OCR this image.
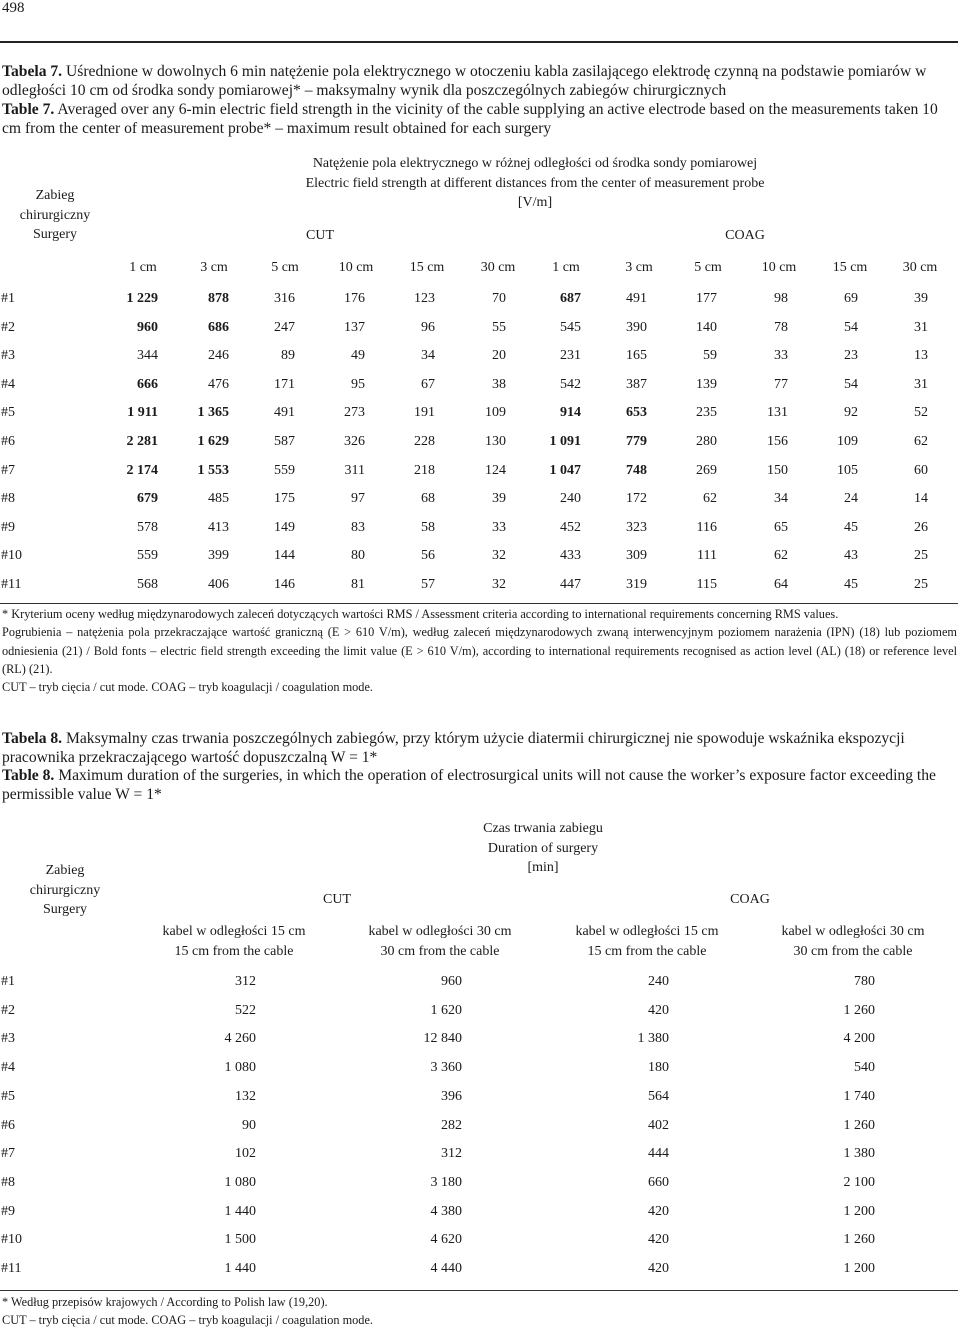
498
Tabela 7. Uśrednione w dowolnych 6 min natężenie pola elektrycznego w otoczeniu kabla zasilającego elektrodę czynną na podstawie pomiarów w odległości 10 cm od środka sondy pomiarowej* – maksymalny wynik dla poszczególnych zabiegów chirurgicznych
Table 7. Averaged over any 6-min electric field strength in the vicinity of the cable supplying an active electrode based on the measurements taken 10 cm from the center of measurement probe* – maximum result obtained for each surgery
Zabieg
chirurgiczny
Surgery
Natężenie pola elektrycznego w różnej odległości od środka sondy pomiarowej
Electric field strength at different distances from the center of measurement probe
[V/m]
CUT	COAG
1 cm	3 cm	5 cm	10 cm	15 cm	30 cm	1 cm	3 cm	5 cm	10 cm	15 cm	30 cm
#1	1 229	878	316	176	123	70	687	491	177	98	69	39
#2	960	686	247	137	96	55	545	390	140	78	54	31
#3	344	246	89	49	34	20	231	165	59	33	23	13
#4	666	476	171	95	67	38	542	387	139	77	54	31
#5	1 911	1 365	491	273	191	109	914	653	235	131	92	52
#6	2 281	1 629	587	326	228	130	1 091	779	280	156	109	62
#7	2 174	1 553	559	311	218	124	1 047	748	269	150	105	60
#8	679	485	175	97	68	39	240	172	62	34	24	14
#9	578	413	149	83	58	33	452	323	116	65	45	26
#10	559	399	144	80	56	32	433	309	111	62	43	25
#11	568	406	146	81	57	32	447	319	115	64	45	25
* Kryterium oceny według międzynarodowych zaleceń dotyczących wartości RMS / Assessment criteria according to international requirements concerning RMS values.
Pogrubienia – natężenia pola przekraczające wartość graniczną (E > 610 V/m), według zaleceń międzynarodowych zwaną interwencyjnym poziomem narażenia (IPN) (18) lub poziomem odniesienia (21) / Bold fonts – electric field strength exceeding the limit value (E > 610 V/m), according to international requirements recognised as action level (AL) (18) or reference level (RL) (21).
CUT – tryb cięcia / cut mode. COAG – tryb koagulacji / coagulation mode.
Tabela 8. Maksymalny czas trwania poszczególnych zabiegów, przy którym użycie diatermii chirurgicznej nie spowoduje wskaźnika ekspozycji pracownika przekraczającego wartość dopuszczalną W = 1*
Table 8. Maximum duration of the surgeries, in which the operation of electrosurgical units will not cause the worker’s exposure factor exceeding the permissible value W = 1*
Zabieg
chirurgiczny
Surgery
Czas trwania zabiegu
Duration of surgery
[min]
CUT	COAG
kabel w odległości 15 cm
15 cm from the cable
kabel w odległości 30 cm
30 cm from the cable
kabel w odległości 15 cm
15 cm from the cable
kabel w odległości 30 cm
30 cm from the cable
#1	312	960	240	780
#2	522	1 620	420	1 260
#3	4 260	12 840	1 380	4 200
#4	1 080	3 360	180	540
#5	132	396	564	1 740
#6	90	282	402	1 260
#7	102	312	444	1 380
#8	1 080	3 180	660	2 100
#9	1 440	4 380	420	1 200
#10	1 500	4 620	420	1 260
#11	1 440	4 440	420	1 200
* Według przepisów krajowych / According to Polish law (19,20).
CUT – tryb cięcia / cut mode. COAG – tryb koagulacji / coagulation mode.
